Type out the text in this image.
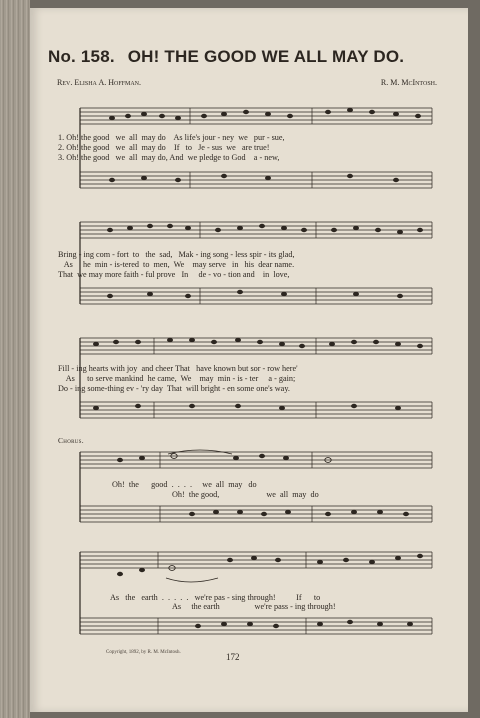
No. 158. OH! THE GOOD WE ALL MAY DO.
Rev. Elisha A. Hoffman.	R. M. McIntosh.
1. Oh! the good   we  all  may do    As life's jour - ney  we   pur - sue,
2. Oh! the good   we  all  may do    If   to   Je - sus  we   are true!
3. Oh! the good   we  all  may do, And  we pledge to God    a - new,
Bring - ing com - fort  to   the  sad,   Mak - ing song - less spir - its glad,
As     he  min - is-tered  to  men,  We    may serve   in   his  dear name.
That  we may more faith - ful prove   In     de - vo - tion and    in  love,
Fill - ing hearts with joy  and cheer That   have known but sor - row here'
As      to serve mankind  he came,  We    may  min - is - ter     a - gain;
Do - ing some-thing ev - 'ry day  That  will bright - en some one's way.
Chorus.
Oh!  the      good  .  .  .  .     we  all  may   do
Oh!  the good,                       we  all  may  do
As   the   earth  .  .  .  .  .   we're pas - sing through!          If      to
As     the earth                 we're pass - ing through!
Copyright, 1892, by R. M. McIntosh.	172
